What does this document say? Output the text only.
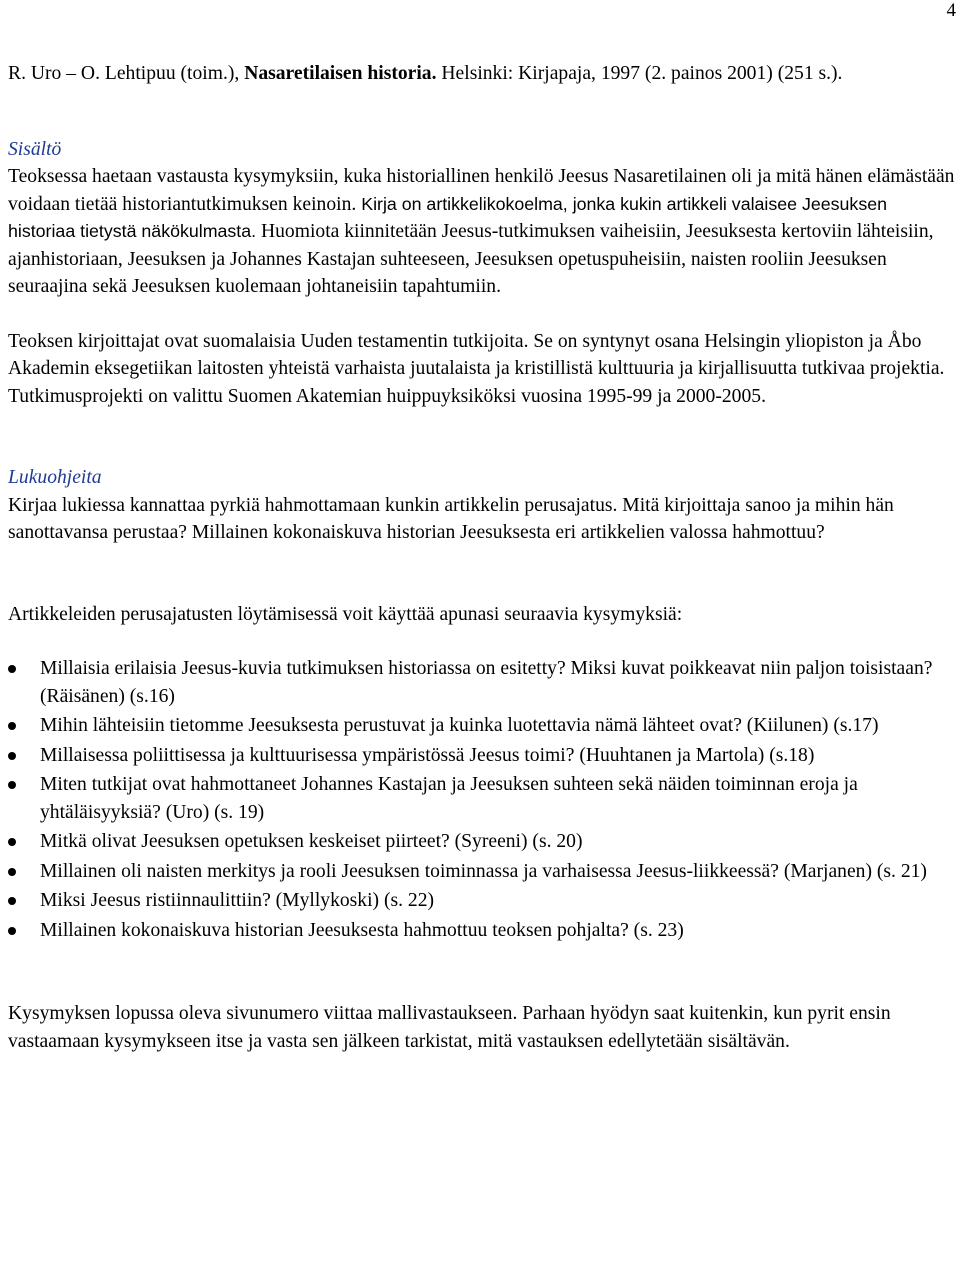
4

R. Uro – O. Lehtipuu (toim.), Nasaretilaisen historia. Helsinki: Kirjapaja, 1997 (2. painos 2001) (251 s.).

Sisältö

Teoksessa haetaan vastausta kysymyksiin, kuka historiallinen henkilö Jeesus Nasaretilainen oli ja mitä hänen elämästään voidaan tietää historiantutkimuksen keinoin. Kirja on artikkelikokoelma, jonka kukin artikkeli valaisee Jeesuksen historiaa tietystä näkökulmasta. Huomiota kiinnitetään Jeesus-tutkimuksen vaiheisiin, Jeesuksesta kertoviin lähteisiin, ajanhistoriaan, Jeesuksen ja Johannes Kastajan suhteeseen, Jeesuksen opetuspuheisiin, naisten rooliin Jeesuksen seuraajina sekä Jeesuksen kuolemaan johtaneisiin tapahtumiin.

Teoksen kirjoittajat ovat suomalaisia Uuden testamentin tutkijoita. Se on syntynyt osana Helsingin yliopiston ja Åbo Akademin eksegetiikan laitosten yhteistä varhaista juutalaista ja kristillistä kulttuuria ja kirjallisuutta tutkivaa projektia. Tutkimusprojekti on valittu Suomen Akatemian huippuyksiköksi vuosina 1995-99 ja 2000-2005.

Lukuohjeita

Kirjaa lukiessa kannattaa pyrkiä hahmottamaan kunkin artikkelin perusajatus. Mitä kirjoittaja sanoo ja mihin hän sanottavansa perustaa? Millainen kokonaiskuva historian Jeesuksesta eri artikkelien valossa hahmottuu?

Artikkeleiden perusajatusten löytämisessä voit käyttää apunasi seuraavia kysymyksiä:

Millaisia erilaisia Jeesus-kuvia tutkimuksen historiassa on esitetty? Miksi kuvat poikkeavat niin paljon toisistaan? (Räisänen) (s.16)
Mihin lähteisiin tietomme Jeesuksesta perustuvat ja kuinka luotettavia nämä lähteet ovat? (Kiilunen) (s.17)
Millaisessa poliittisessa ja kulttuurisessa ympäristössä Jeesus toimi? (Huuhtanen ja Martola) (s.18)
Miten tutkijat ovat hahmottaneet Johannes Kastajan ja Jeesuksen suhteen sekä näiden toiminnan eroja ja yhtäläisyyksiä? (Uro) (s. 19)
Mitkä olivat Jeesuksen opetuksen keskeiset piirteet? (Syreeni) (s. 20)
Millainen oli naisten merkitys ja rooli Jeesuksen toiminnassa ja varhaisessa Jeesus-liikkeessä? (Marjanen) (s. 21)
Miksi Jeesus ristiinnaulittiin? (Myllykoski) (s. 22)
Millainen kokonaiskuva historian Jeesuksesta hahmottuu teoksen pohjalta? (s. 23)

Kysymyksen lopussa oleva sivunumero viittaa mallivastaukseen. Parhaan hyödyn saat kuitenkin, kun pyrit ensin vastaamaan kysymykseen itse ja vasta sen jälkeen tarkistat, mitä vastauksen edellytetään sisältävän.
